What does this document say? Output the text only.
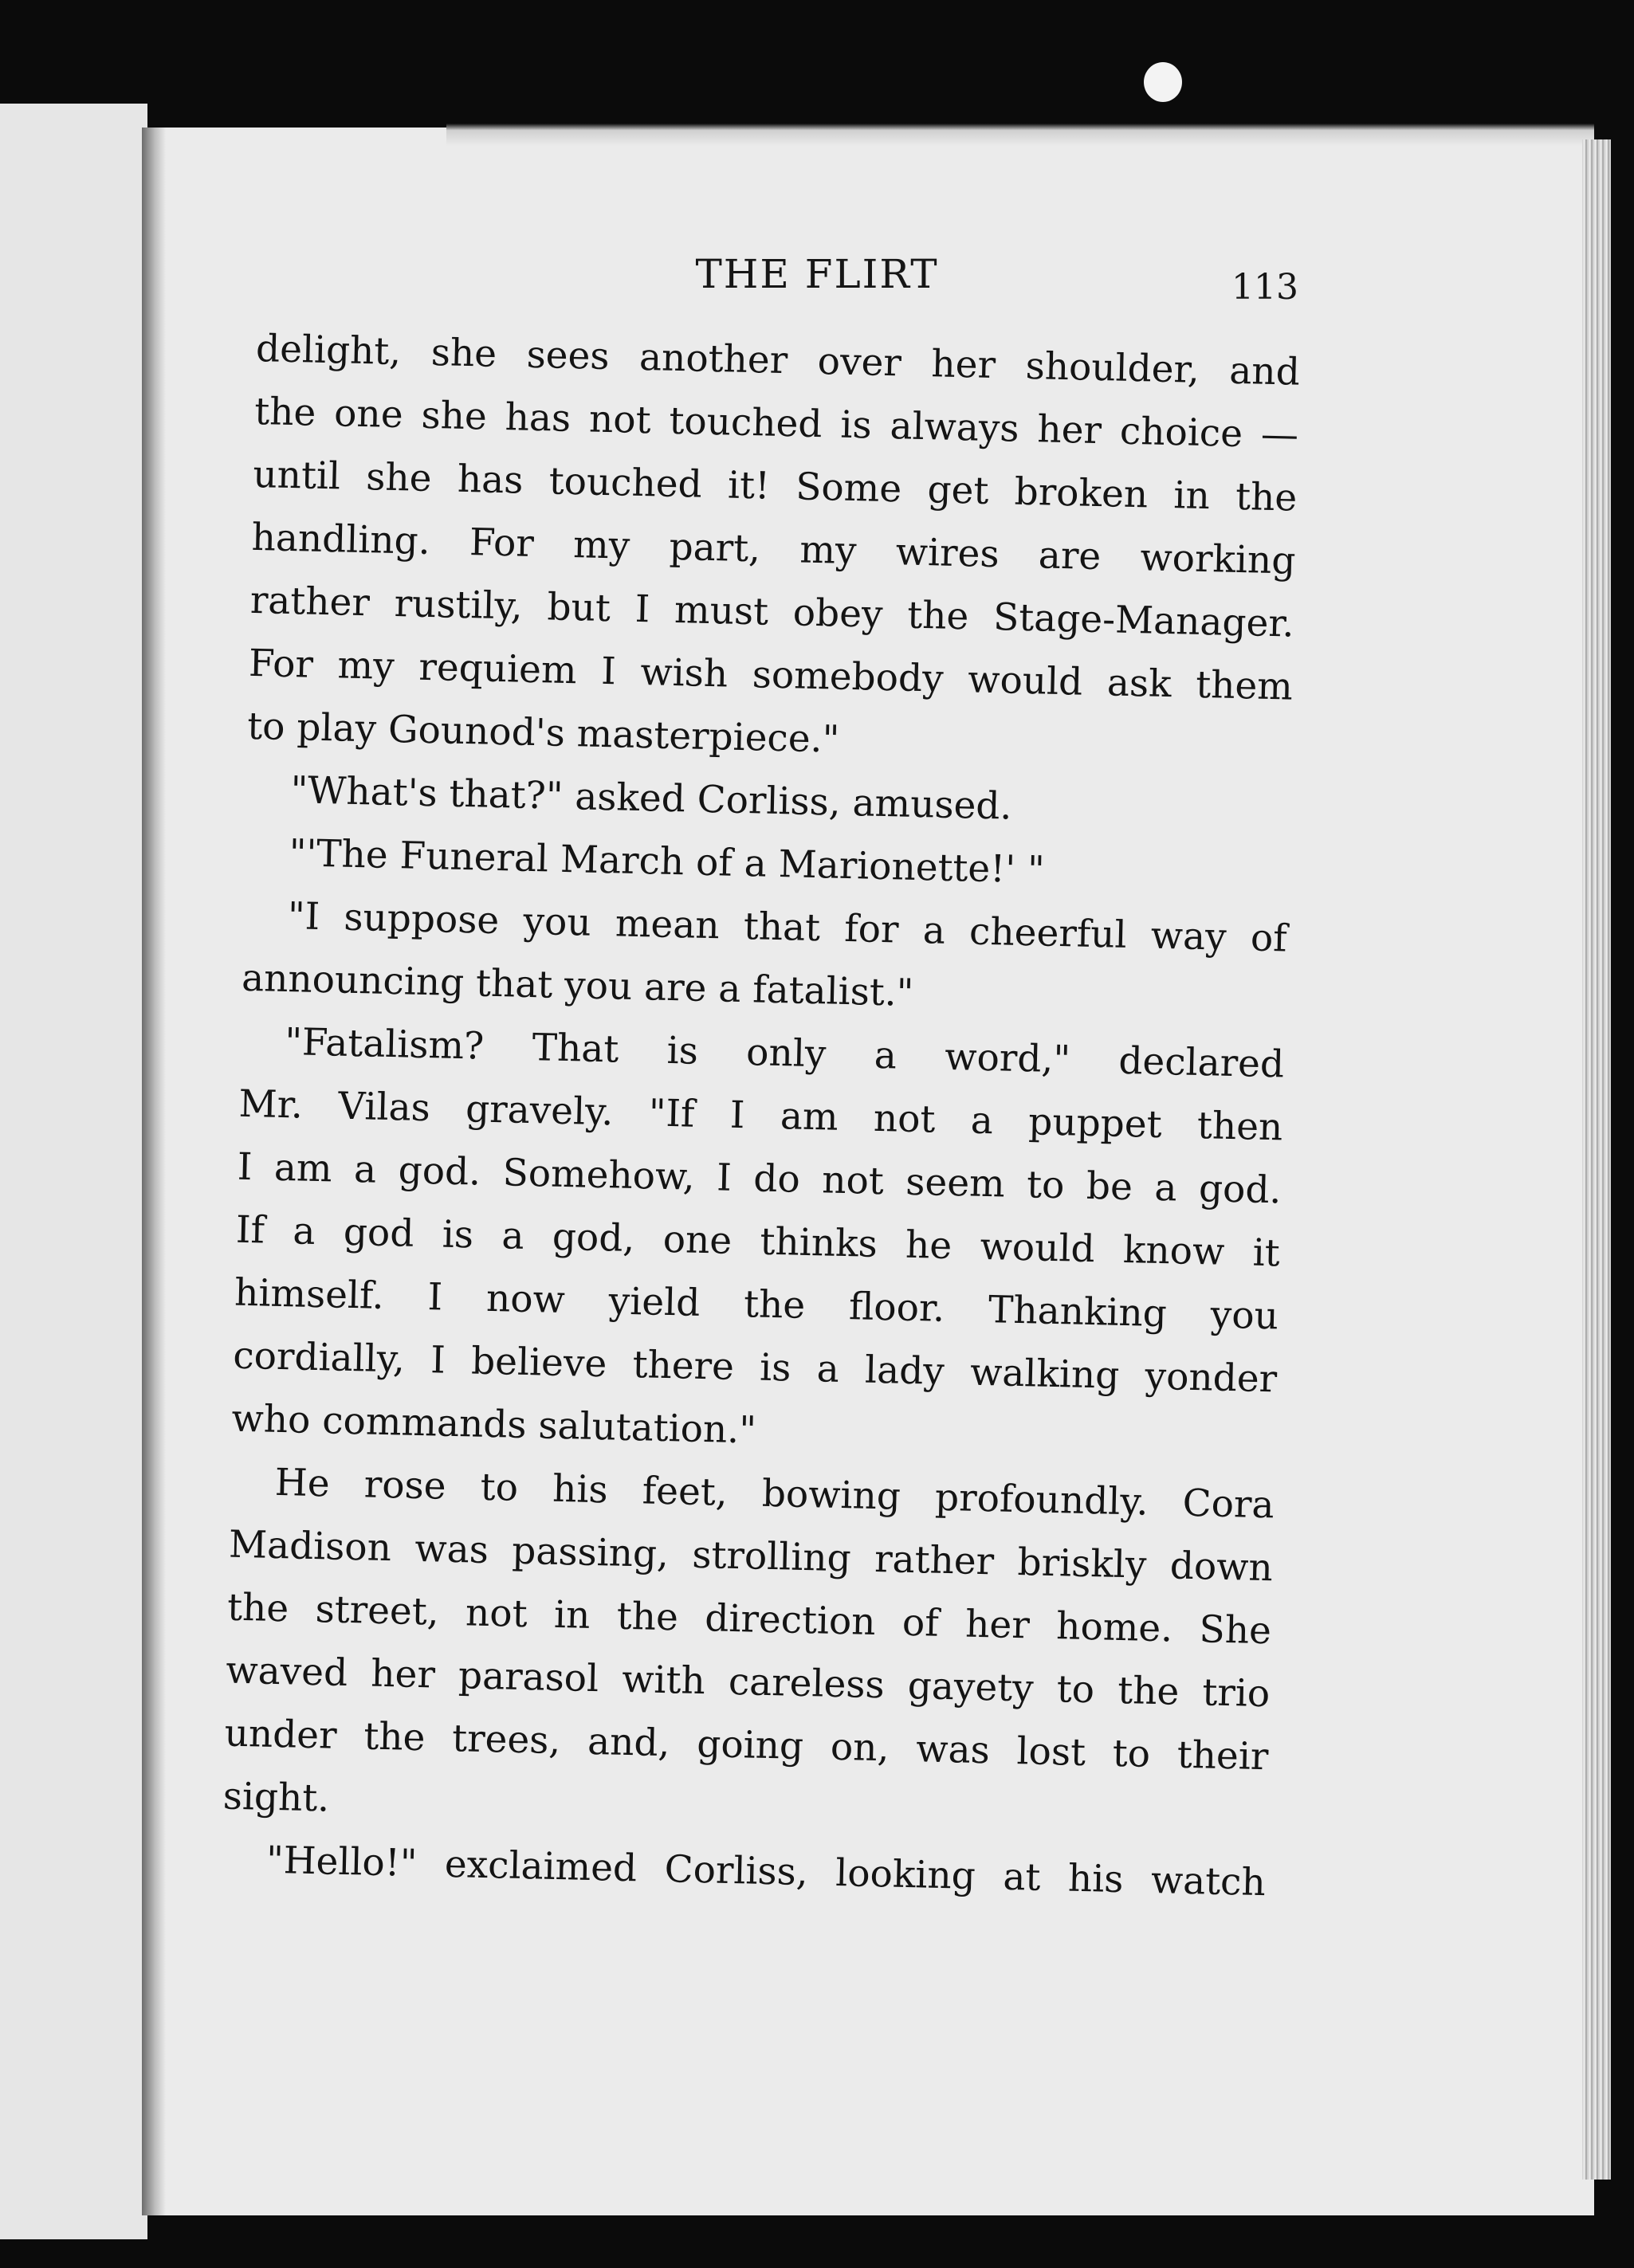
THE FLIRT	113
delight, she sees another over her shoulder, and
the one she has not touched is always her choice —
until she has touched it! Some get broken in the
handling. For my part, my wires are working
rather rustily, but I must obey the Stage-Manager.
For my requiem I wish somebody would ask them
to play Gounod's masterpiece."
"What's that?" asked Corliss, amused.
"'The Funeral March of a Marionette!' "
"I suppose you mean that for a cheerful way of
announcing that you are a fatalist."
"Fatalism? That is only a word," declared
Mr. Vilas gravely. "If I am not a puppet then
I am a god. Somehow, I do not seem to be a god.
If a god is a god, one thinks he would know it
himself. I now yield the floor. Thanking you
cordially, I believe there is a lady walking yonder
who commands salutation."
He rose to his feet, bowing profoundly. Cora
Madison was passing, strolling rather briskly down
the street, not in the direction of her home. She
waved her parasol with careless gayety to the trio
under the trees, and, going on, was lost to their
sight.
"Hello!" exclaimed Corliss, looking at his watch
